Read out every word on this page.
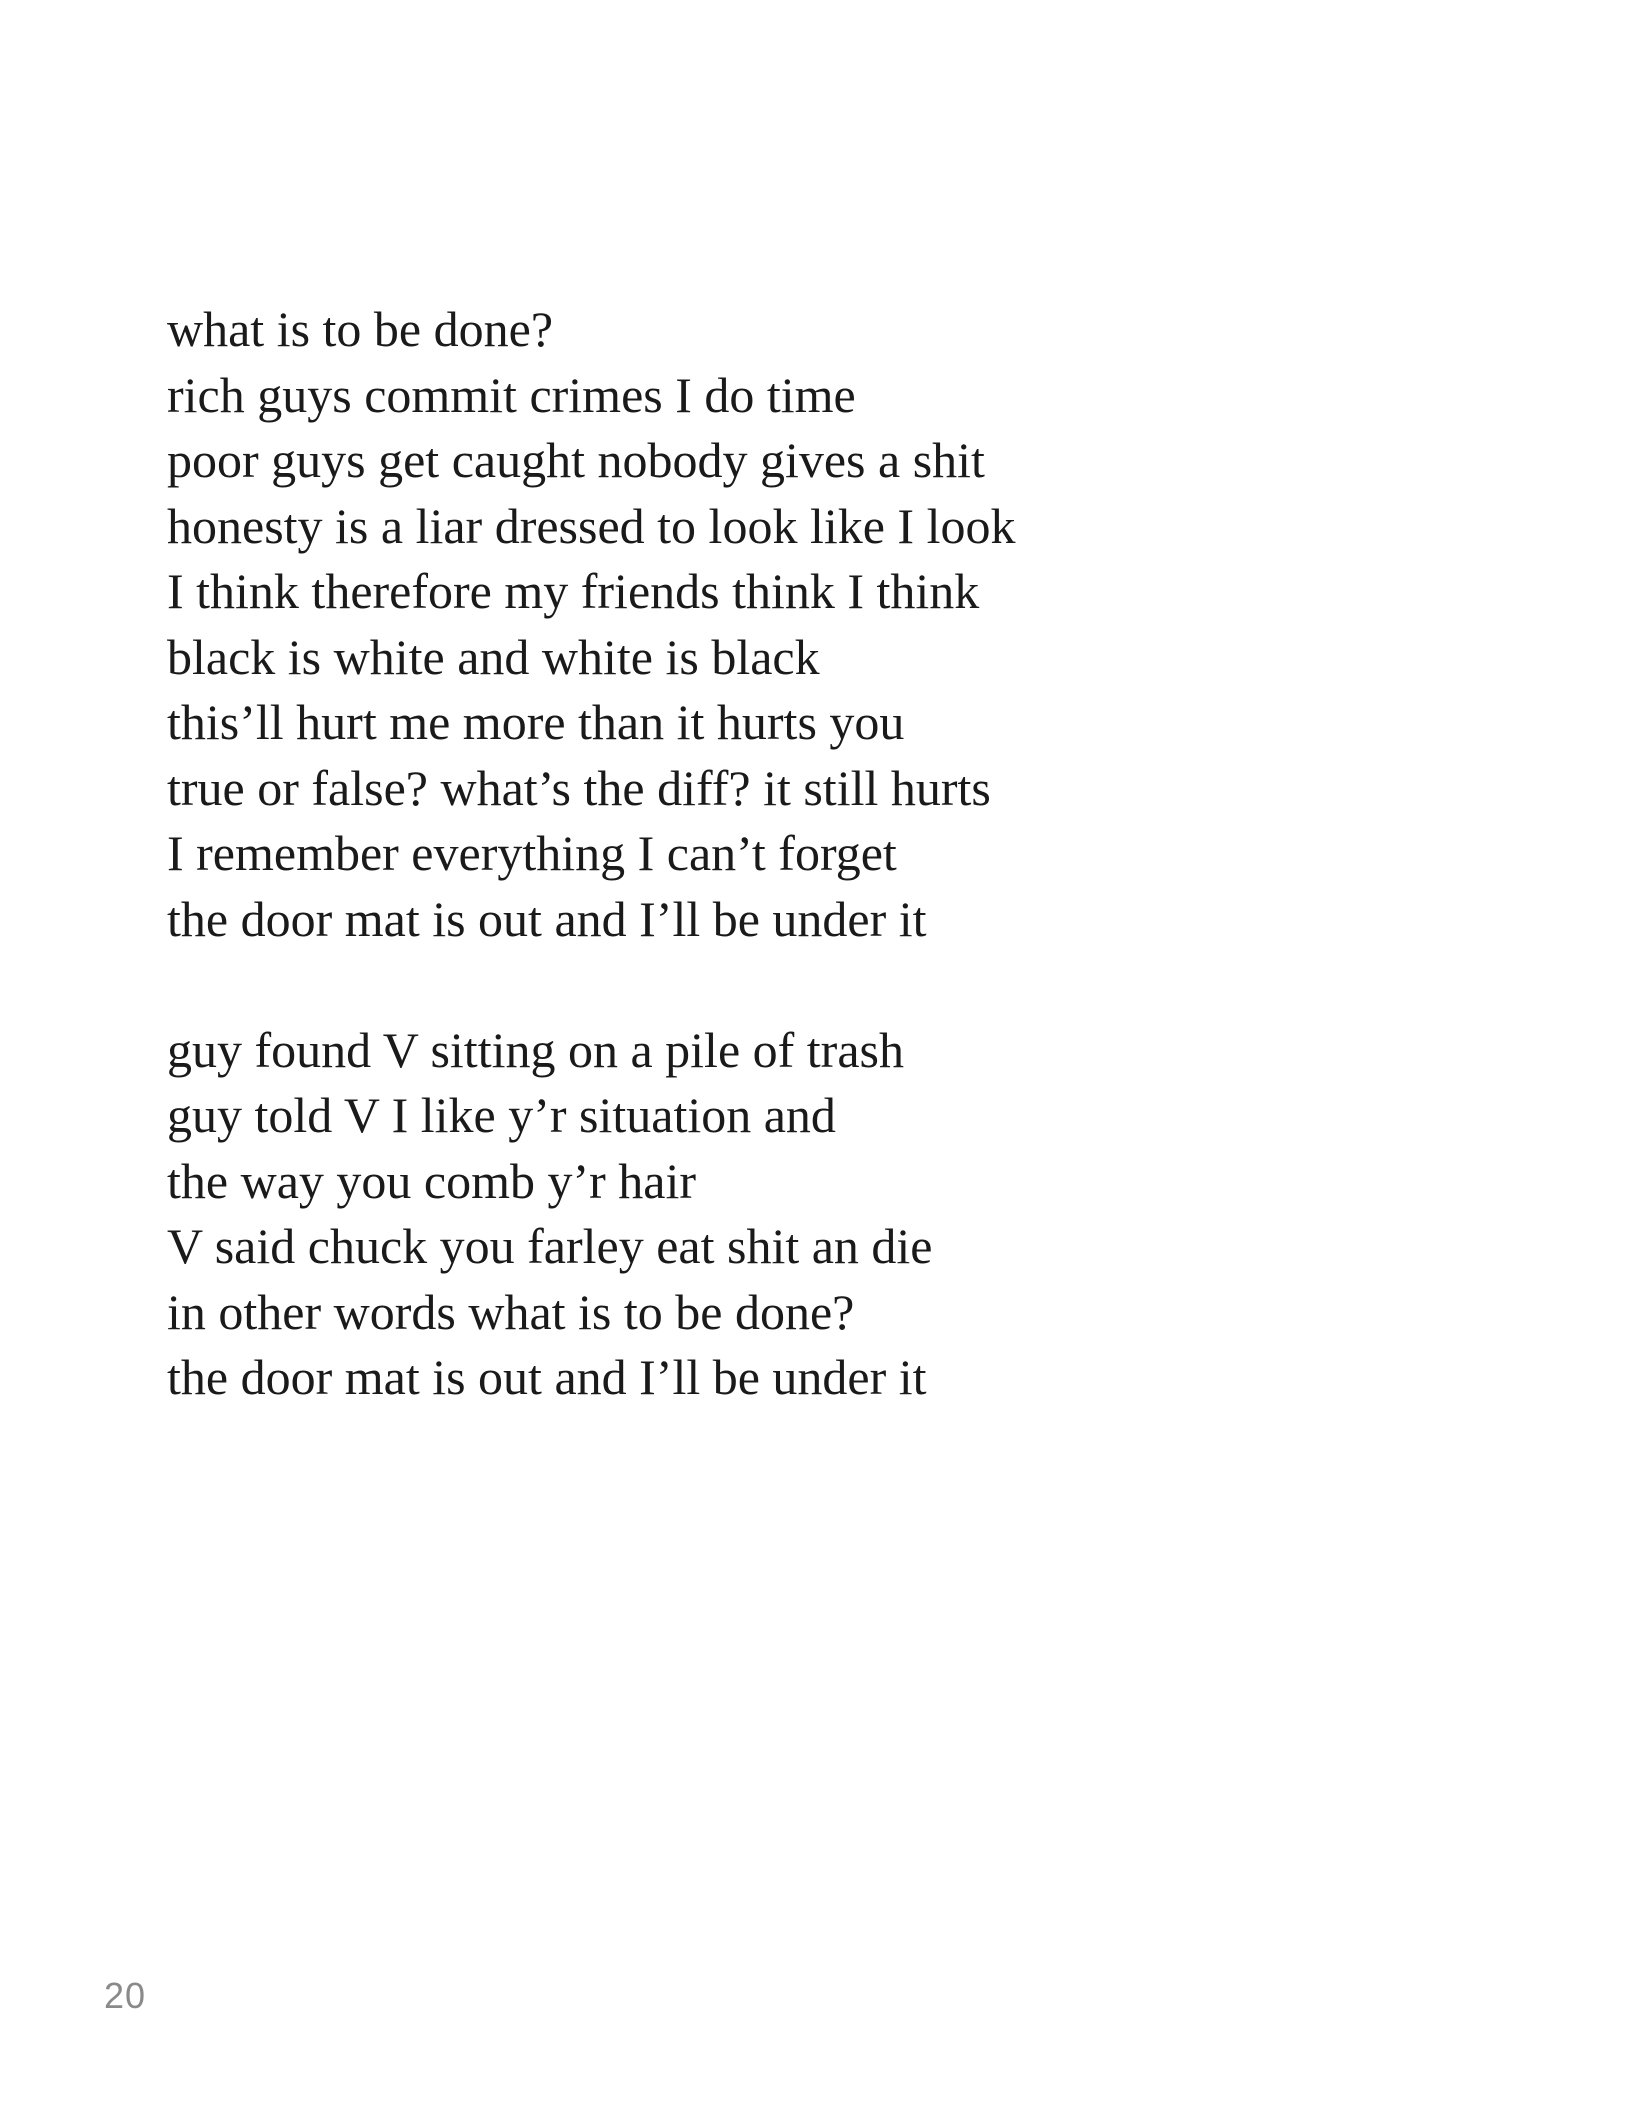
what is to be done?
rich guys commit crimes I do time
poor guys get caught nobody gives a shit
honesty is a liar dressed to look like I look
I think therefore my friends think I think
black is white and white is black
this’ll hurt me more than it hurts you
true or false? what’s the diff? it still hurts
I remember everything I can’t forget
the door mat is out and I’ll be under it
guy found V sitting on a pile of trash
guy told V I like y’r situation and
the way you comb y’r hair
V said chuck you farley eat shit an die
in other words what is to be done?
the door mat is out and I’ll be under it
20
